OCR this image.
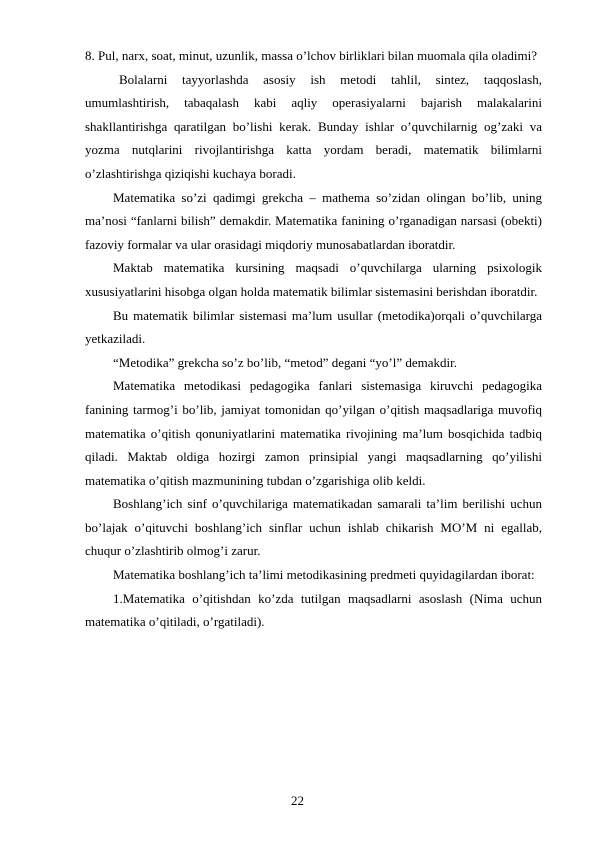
8. Pul, narx, soat, minut, uzunlik, massa o’lchov birliklari bilan muomala qila oladimi?

Bolalarni tayyorlashda asosiy ish metodi tahlil, sintez, taqqoslash, umumlashtirish, tabaqalash kabi aqliy operasiyalarni bajarish malakalarini shakllantirishga qaratilgan bo’lishi kerak. Bunday ishlar o’quvchilarnig og’zaki va yozma nutqlarini rivojlantirishga katta yordam beradi, matematik bilimlarni o’zlashtirishga qiziqishi kuchaya boradi.

Matematika so’zi qadimgi grekcha – mathema so’zidan olingan bo’lib, uning ma’nosi “fanlarni bilish” demakdir. Matematika fanining o’rganadigan narsasi (obekti) fazoviy formalar va ular orasidagi miqdoriy munosabatlardan iboratdir.

Maktab matematika kursining maqsadi o’quvchilarga ularning psixologik xususiyatlarini hisobga olgan holda matematik bilimlar sistemasini berishdan iboratdir.

Bu matematik bilimlar sistemasi ma’lum usullar (metodika)orqali o’quvchilarga yetkaziladi.

“Metodika” grekcha so’z bo’lib, “metod” degani “yo’l” demakdir.

Matematika metodikasi pedagogika fanlari sistemasiga kiruvchi pedagogika fanining tarmog’i bo’lib, jamiyat tomonidan qo’yilgan o’qitish maqsadlariga muvofiq matematika o’qitish qonuniyatlarini matematika rivojining ma’lum bosqichida tadbiq qiladi. Maktab oldiga hozirgi zamon prinsipial yangi maqsadlarning qo’yilishi matematika o’qitish mazmunining tubdan o’zgarishiga olib keldi.

Boshlang’ich sinf o’quvchilariga matematikadan samarali ta’lim berilishi uchun bo’lajak o’qituvchi boshlang’ich sinflar uchun ishlab chikarish MO’M ni egallab, chuqur o’zlashtirib olmog’i zarur.

Matematika boshlang’ich ta’limi metodikasining predmeti quyidagilardan iborat:

1.Matematika o’qitishdan ko’zda tutilgan maqsadlarni asoslash (Nima uchun matematika o’qitiladi, o’rgatiladi).

22
